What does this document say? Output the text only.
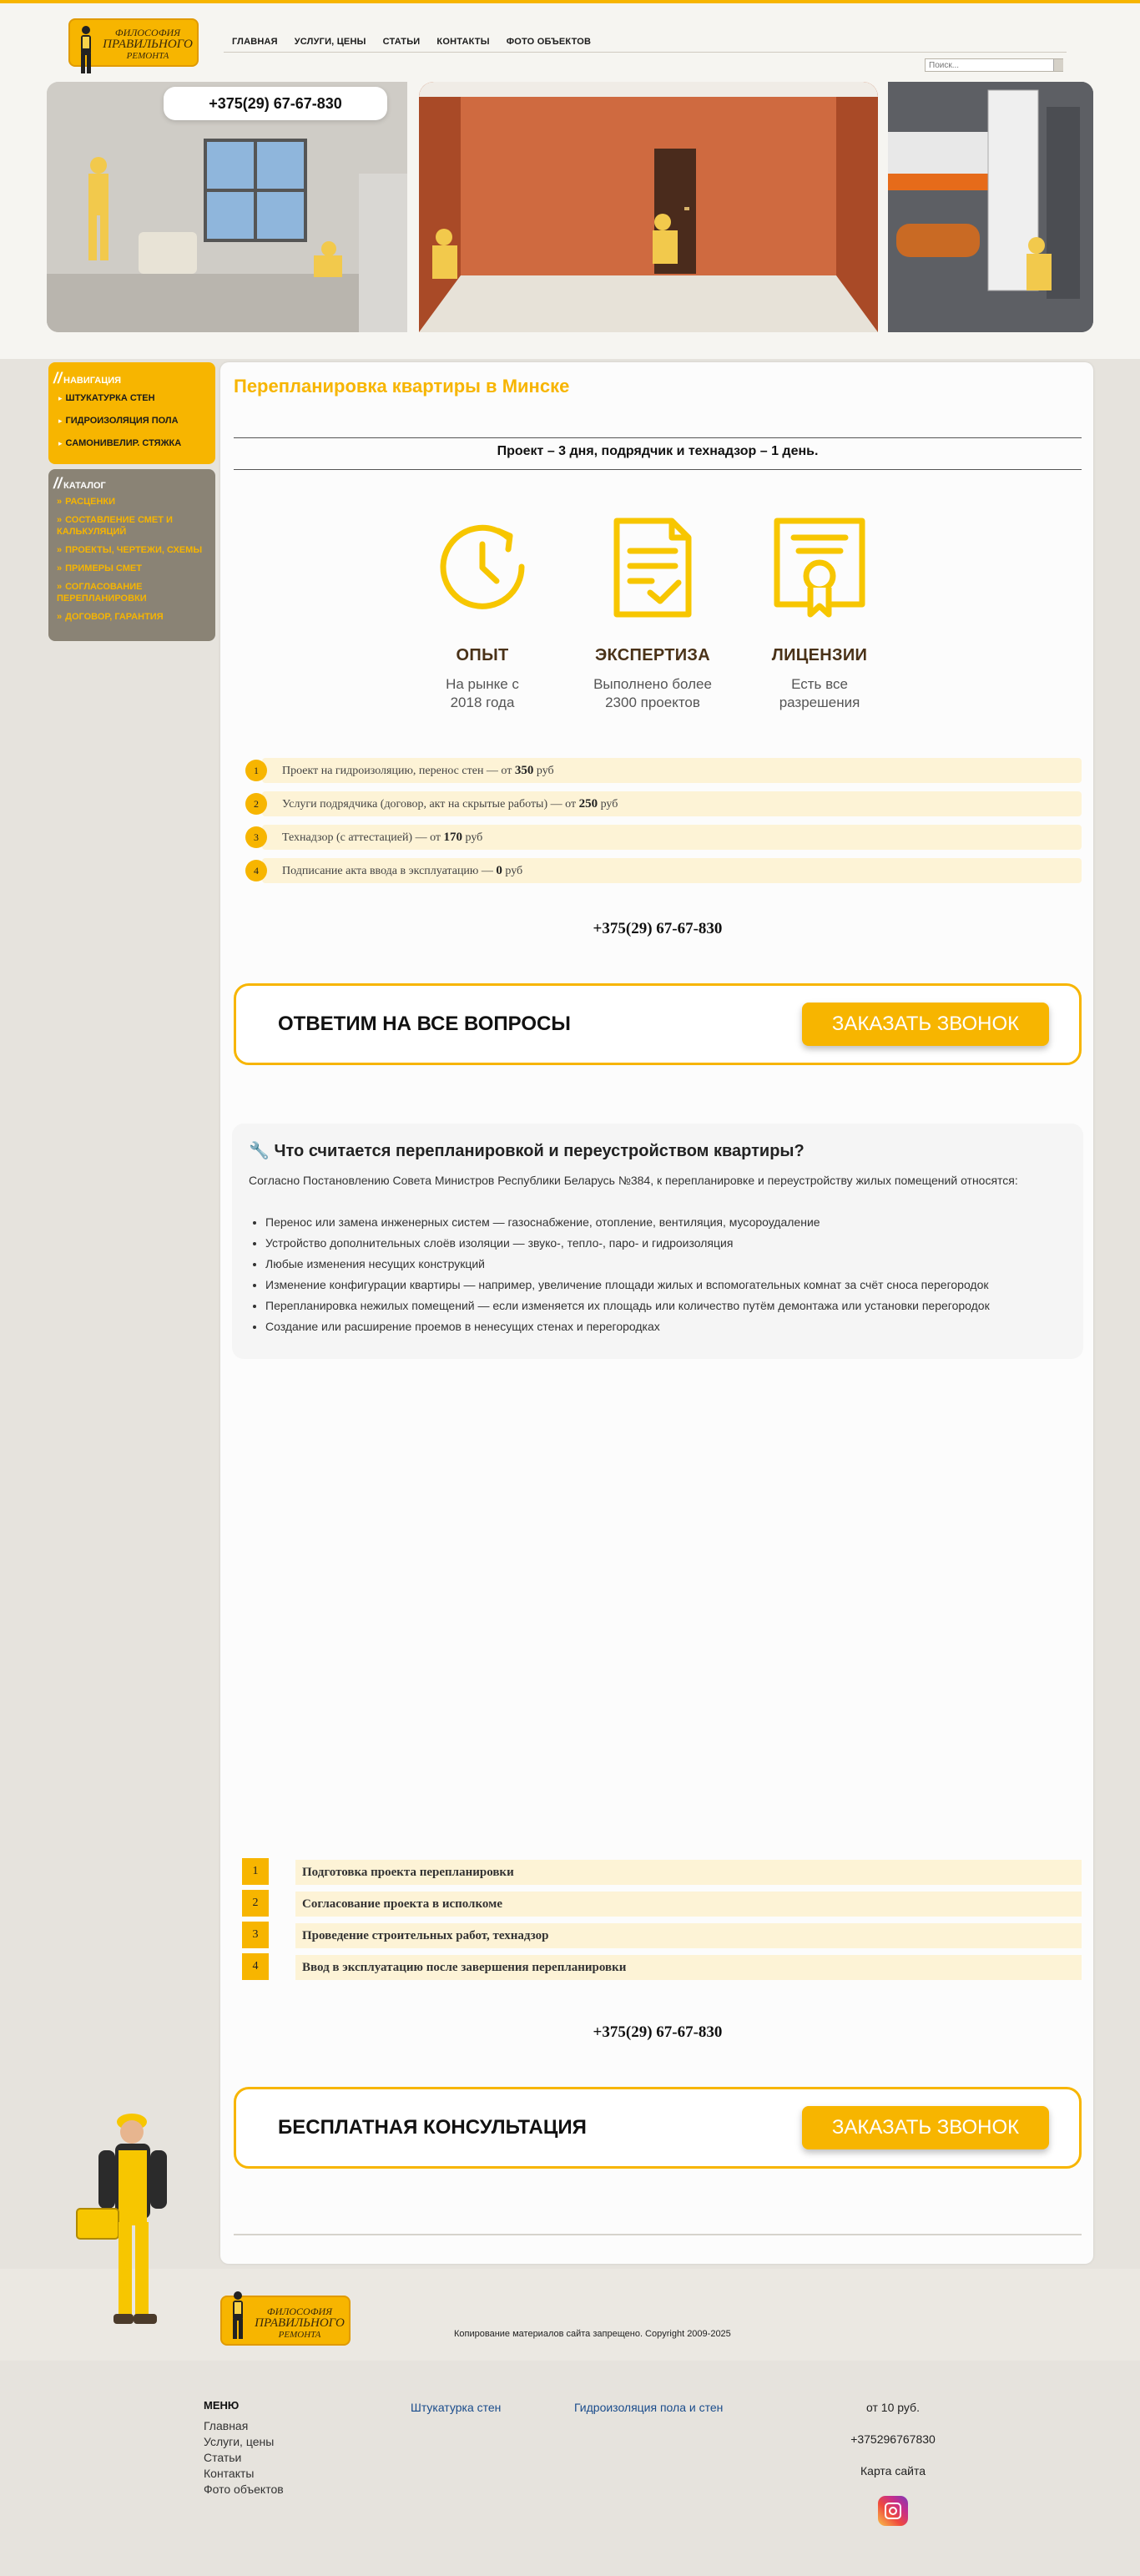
ФИЛОСОФИЯ
ПРАВИЛЬНОГО
РЕМОНТА
ГЛАВНАЯ	УСЛУГИ, ЦЕНЫ	СТАТЬИ	КОНТАКТЫ	ФОТО ОБЪЕКТОВ
Поиск...
+375(29) 67-67-830
// НАВИГАЦИЯ
▸ ШТУКАТУРКА СТЕН
▸ ГИДРОИЗОЛЯЦИЯ ПОЛА
▸ САМОНИВЕЛИР. СТЯЖКА
// КАТАЛОГ
» РАСЦЕНКИ
» СОСТАВЛЕНИЕ СМЕТ И КАЛЬКУЛЯЦИЙ
» ПРОЕКТЫ, ЧЕРТЕЖИ, СХЕМЫ
» ПРИМЕРЫ СМЕТ
» СОГЛАСОВАНИЕ ПЕРЕПЛАНИРОВКИ
» ДОГОВОР, ГАРАНТИЯ
Перепланировка квартиры в Минске
Проект – 3 дня, подрядчик и технадзор – 1 день.
ОПЫТ
На рынке с
2018 года
ЭКСПЕРТИЗА
Выполнено более
2300 проектов
ЛИЦЕНЗИИ
Есть все
разрешения
1	Проект на гидроизоляцию, перенос стен — от 350 руб
2	Услуги подрядчика (договор, акт на скрытые работы) — от 250 руб
3	Технадзор (с аттестацией) — от 170 руб
4	Подписание акта ввода в эксплуатацию — 0 руб
+375(29) 67-67-830
ОТВЕТИМ НА ВСЕ ВОПРОСЫ	ЗАКАЗАТЬ ЗВОНОК
🔧 Что считается перепланировкой и переустройством квартиры?

Согласно Постановлению Совета Министров Республики Беларусь №384, к перепланировке и переустройству жилых помещений относятся:

• Перенос или замена инженерных систем — газоснабжение, отопление, вентиляция, мусороудаление
• Устройство дополнительных слоёв изоляции — звуко-, тепло-, паро- и гидроизоляция
• Любые изменения несущих конструкций
• Изменение конфигурации квартиры — например, увеличение площади жилых и вспомогательных комнат за счёт сноса перегородок
• Перепланировка нежилых помещений — если изменяется их площадь или количество путём демонтажа или установки перегородок
• Создание или расширение проемов в ненесущих стенах и перегородках
1	Подготовка проекта перепланировки
2	Согласование проекта в исполкоме
3	Проведение строительных работ, технадзор
4	Ввод в эксплуатацию после завершения перепланировки
+375(29) 67-67-830
БЕСПЛАТНАЯ КОНСУЛЬТАЦИЯ	ЗАКАЗАТЬ ЗВОНОК
ФИЛОСОФИЯ
ПРАВИЛЬНОГО
РЕМОНТА	Копирование материалов сайта запрещено. Copyright 2009-2025
МЕНЮ
Главная
Услуги, цены
Статьи
Контакты
Фото объектов
Штукатурка стен	Гидроизоляция пола и стен	от 10 руб.
+375296767830
Карта сайта
